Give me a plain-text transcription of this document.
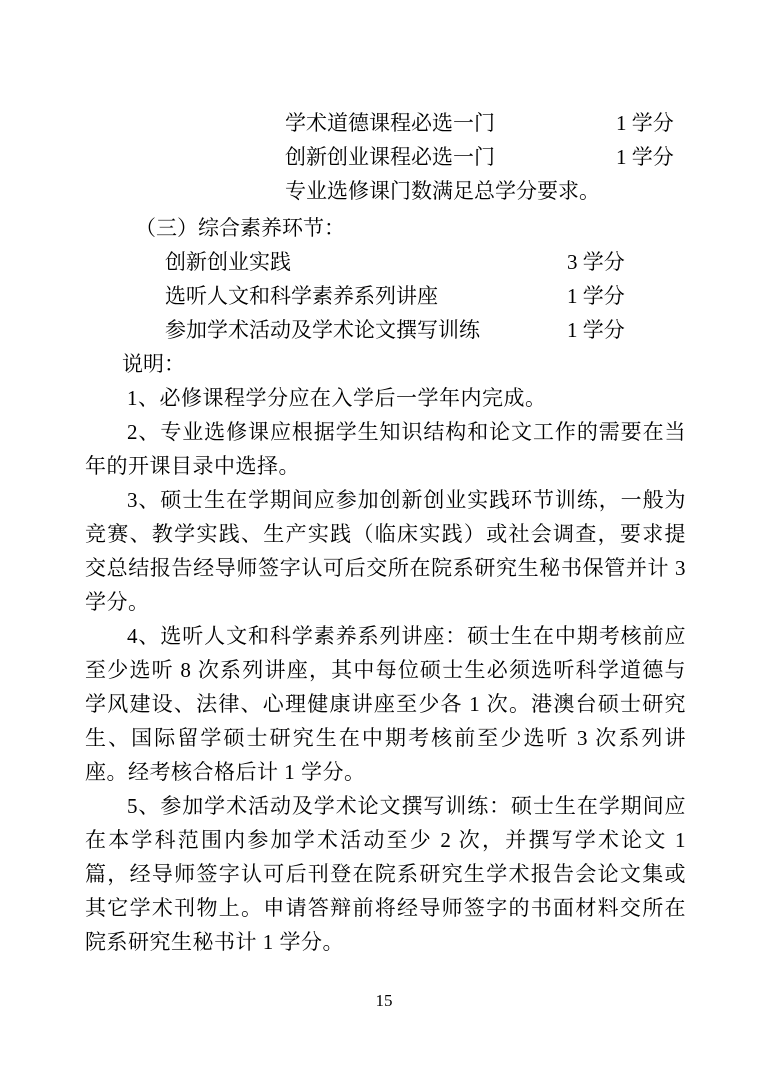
学术道德课程必选一门	1 学分
创新创业课程必选一门	1 学分
专业选修课门数满足总学分要求。
（三）综合素养环节：
创新创业实践	3 学分
选听人文和科学素养系列讲座	1 学分
参加学术活动及学术论文撰写训练	1 学分
说明：

1、必修课程学分应在入学后一学年内完成。

2、专业选修课应根据学生知识结构和论文工作的需要在当年的开课目录中选择。

3、硕士生在学期间应参加创新创业实践环节训练，一般为竞赛、教学实践、生产实践（临床实践）或社会调查，要求提交总结报告经导师签字认可后交所在院系研究生秘书保管并计 3 学分。

4、选听人文和科学素养系列讲座：硕士生在中期考核前应至少选听 8 次系列讲座，其中每位硕士生必须选听科学道德与学风建设、法律、心理健康讲座至少各 1 次。港澳台硕士研究生、国际留学硕士研究生在中期考核前至少选听 3 次系列讲座。经考核合格后计 1 学分。

5、参加学术活动及学术论文撰写训练：硕士生在学期间应在本学科范围内参加学术活动至少 2 次，并撰写学术论文 1 篇，经导师签字认可后刊登在院系研究生学术报告会论文集或其它学术刊物上。申请答辩前将经导师签字的书面材料交所在院系研究生秘书计 1 学分。

15
